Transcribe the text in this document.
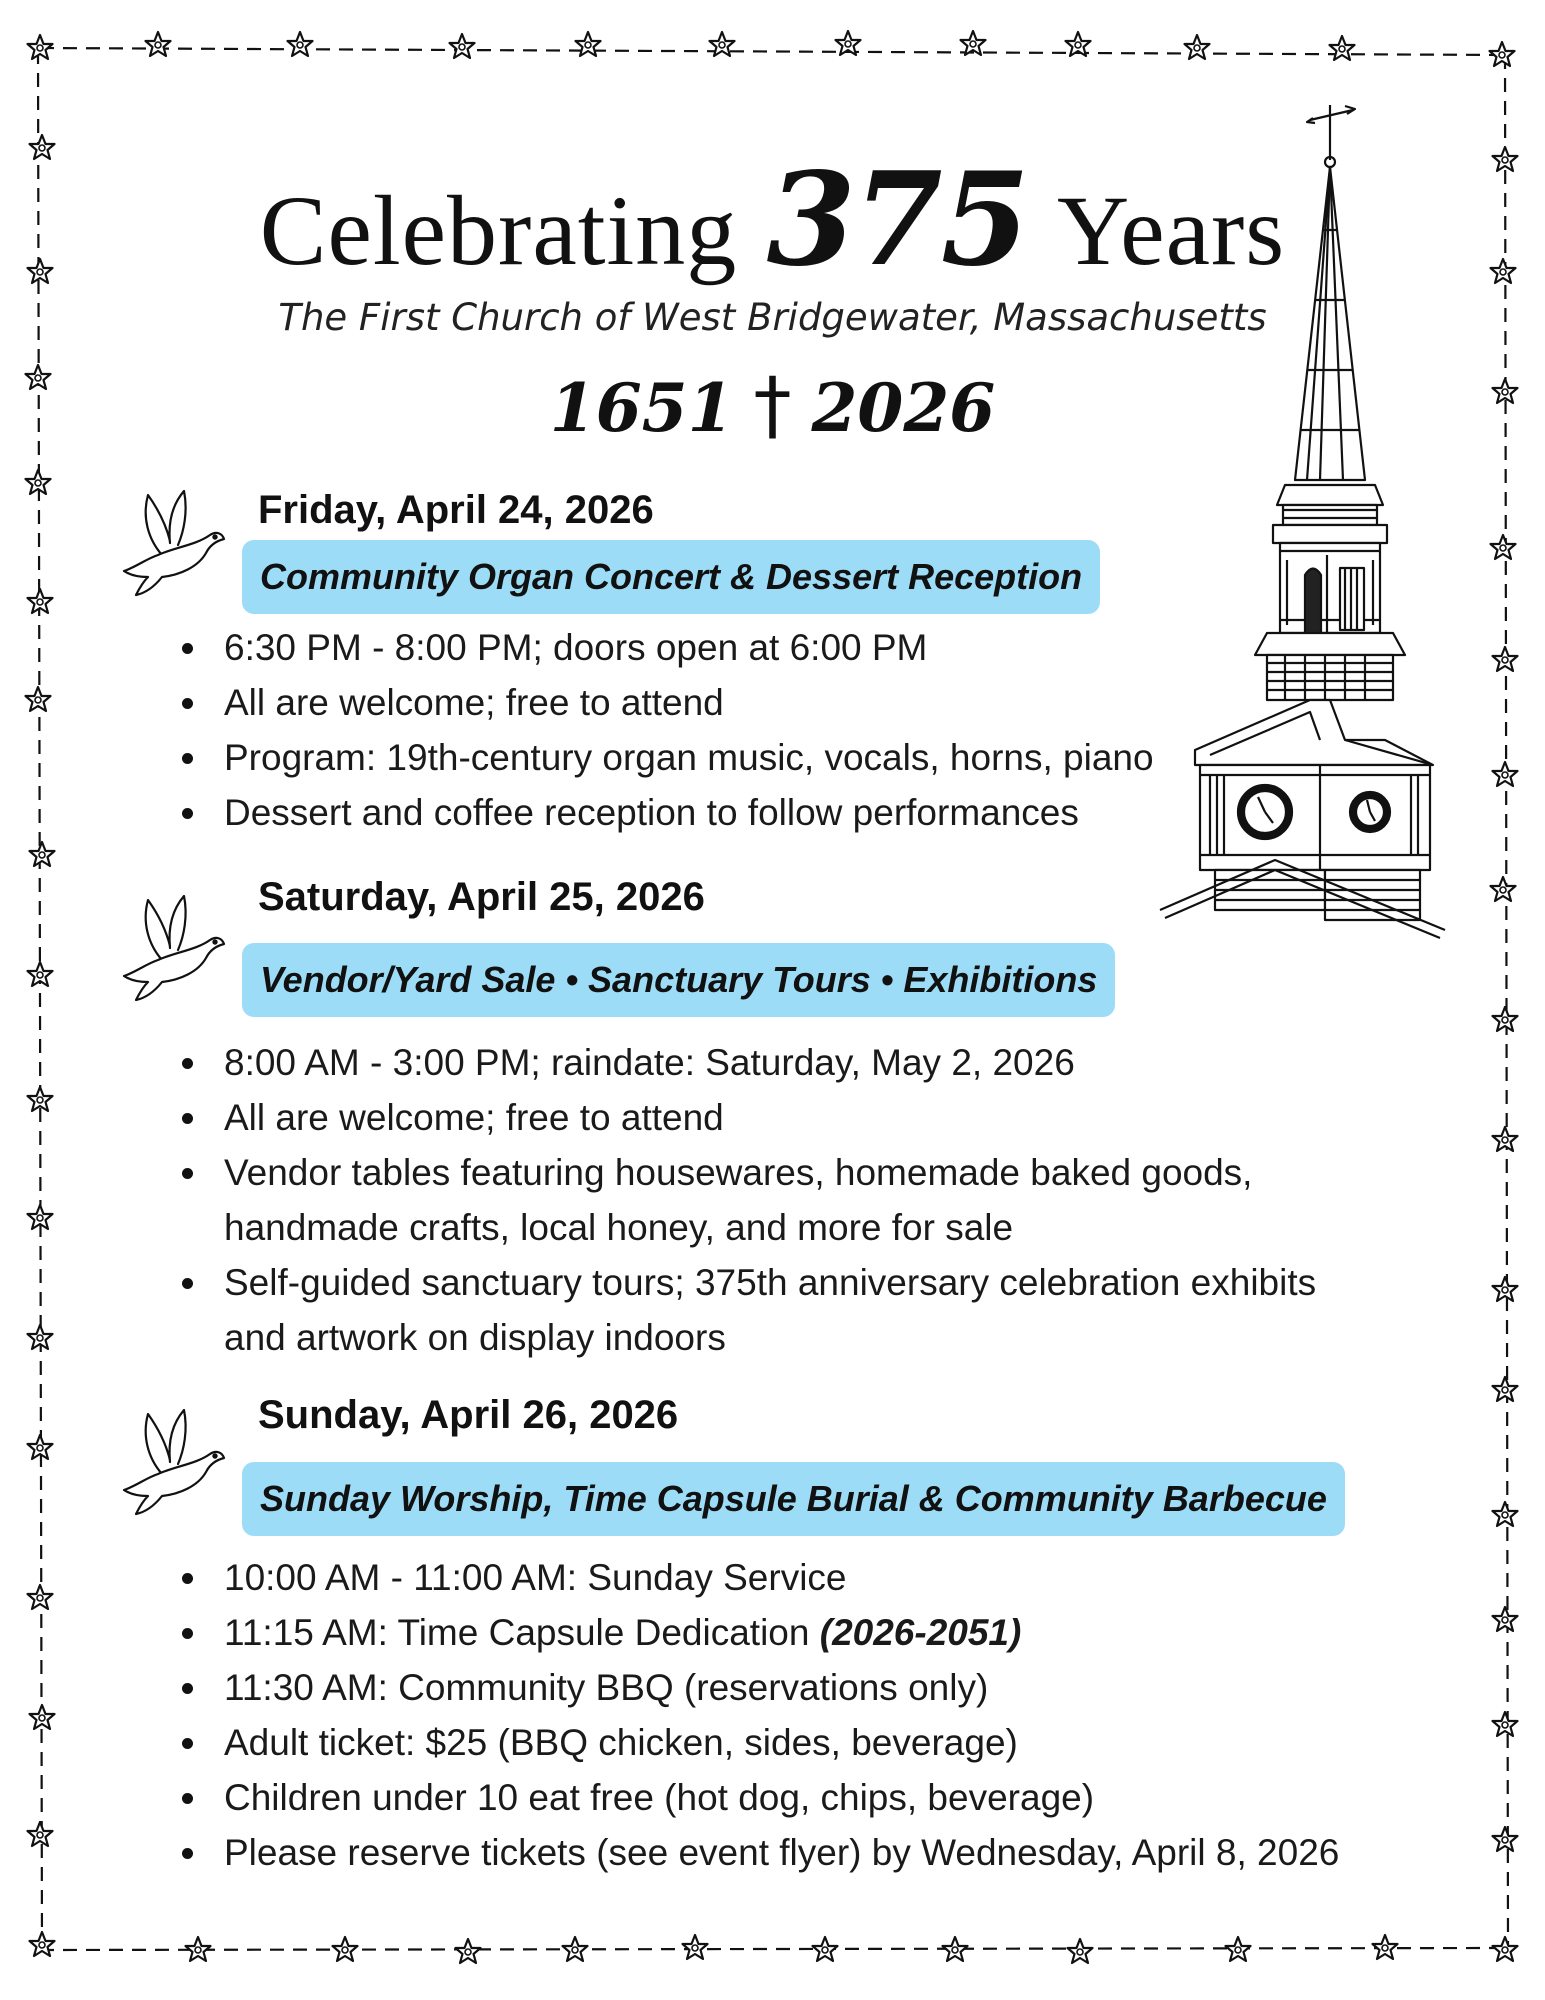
Celebrating 375 Years
The First Church of West Bridgewater, Massachusetts
1651 † 2026
Friday, April 24, 2026
Community Organ Concert & Dessert Reception
6:30 PM - 8:00 PM; doors open at 6:00 PM
All are welcome; free to attend
Program: 19th-century organ music, vocals, horns, piano
Dessert and coffee reception to follow performances
Saturday, April 25, 2026
Vendor/Yard Sale • Sanctuary Tours • Exhibitions
8:00 AM - 3:00 PM; raindate: Saturday, May 2, 2026
All are welcome; free to attend
Vendor tables featuring housewares, homemade baked goods,
handmade crafts, local honey, and more for sale
Self-guided sanctuary tours; 375th anniversary celebration exhibits
and artwork on display indoors
Sunday, April 26, 2026
Sunday Worship, Time Capsule Burial & Community Barbecue
10:00 AM - 11:00 AM: Sunday Service
11:15 AM: Time Capsule Dedication (2026-2051)
11:30 AM: Community BBQ (reservations only)
Adult ticket: $25 (BBQ chicken, sides, beverage)
Children under 10 eat free (hot dog, chips, beverage)
Please reserve tickets (see event flyer) by Wednesday, April 8, 2026
